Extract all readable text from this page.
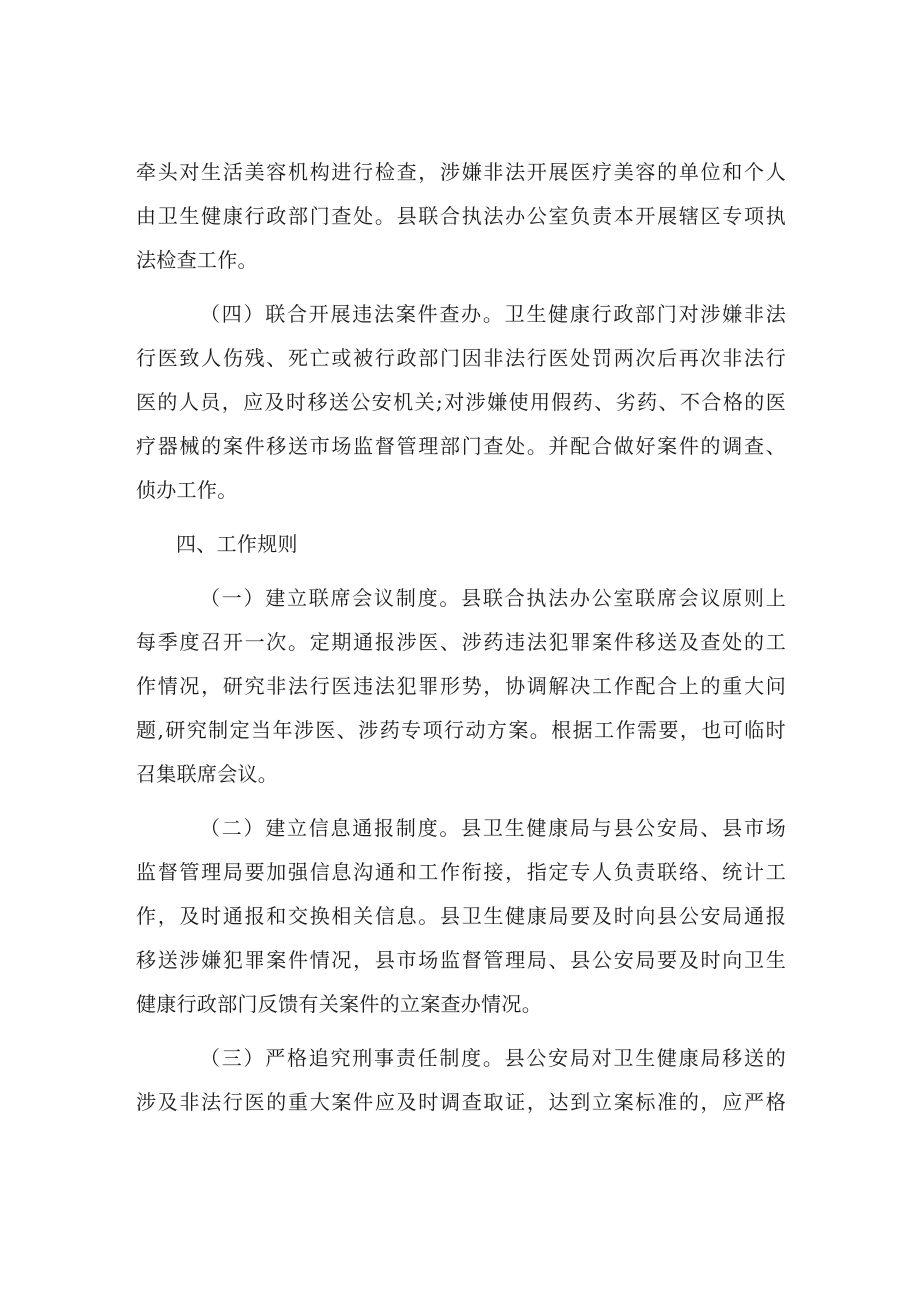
牵头对生活美容机构进行检查，涉嫌非法开展医疗美容的单位和个人
由卫生健康行政部门查处。县联合执法办公室负责本开展辖区专项执
法检查工作。
（四）联合开展违法案件查办。卫生健康行政部门对涉嫌非法
行医致人伤残、死亡或被行政部门因非法行医处罚两次后再次非法行
医的人员，应及时移送公安机关;对涉嫌使用假药、劣药、不合格的医
疗器械的案件移送市场监督管理部门查处。并配合做好案件的调查、
侦办工作。
四、工作规则
（一）建立联席会议制度。县联合执法办公室联席会议原则上
每季度召开一次。定期通报涉医、涉药违法犯罪案件移送及查处的工
作情况，研究非法行医违法犯罪形势，协调解决工作配合上的重大问
题,研究制定当年涉医、涉药专项行动方案。根据工作需要，也可临时
召集联席会议。
（二）建立信息通报制度。县卫生健康局与县公安局、县市场
监督管理局要加强信息沟通和工作衔接，指定专人负责联络、统计工
作，及时通报和交换相关信息。县卫生健康局要及时向县公安局通报
移送涉嫌犯罪案件情况，县市场监督管理局、县公安局要及时向卫生
健康行政部门反馈有关案件的立案查办情况。
（三）严格追究刑事责任制度。县公安局对卫生健康局移送的
涉及非法行医的重大案件应及时调查取证，达到立案标准的，应严格
